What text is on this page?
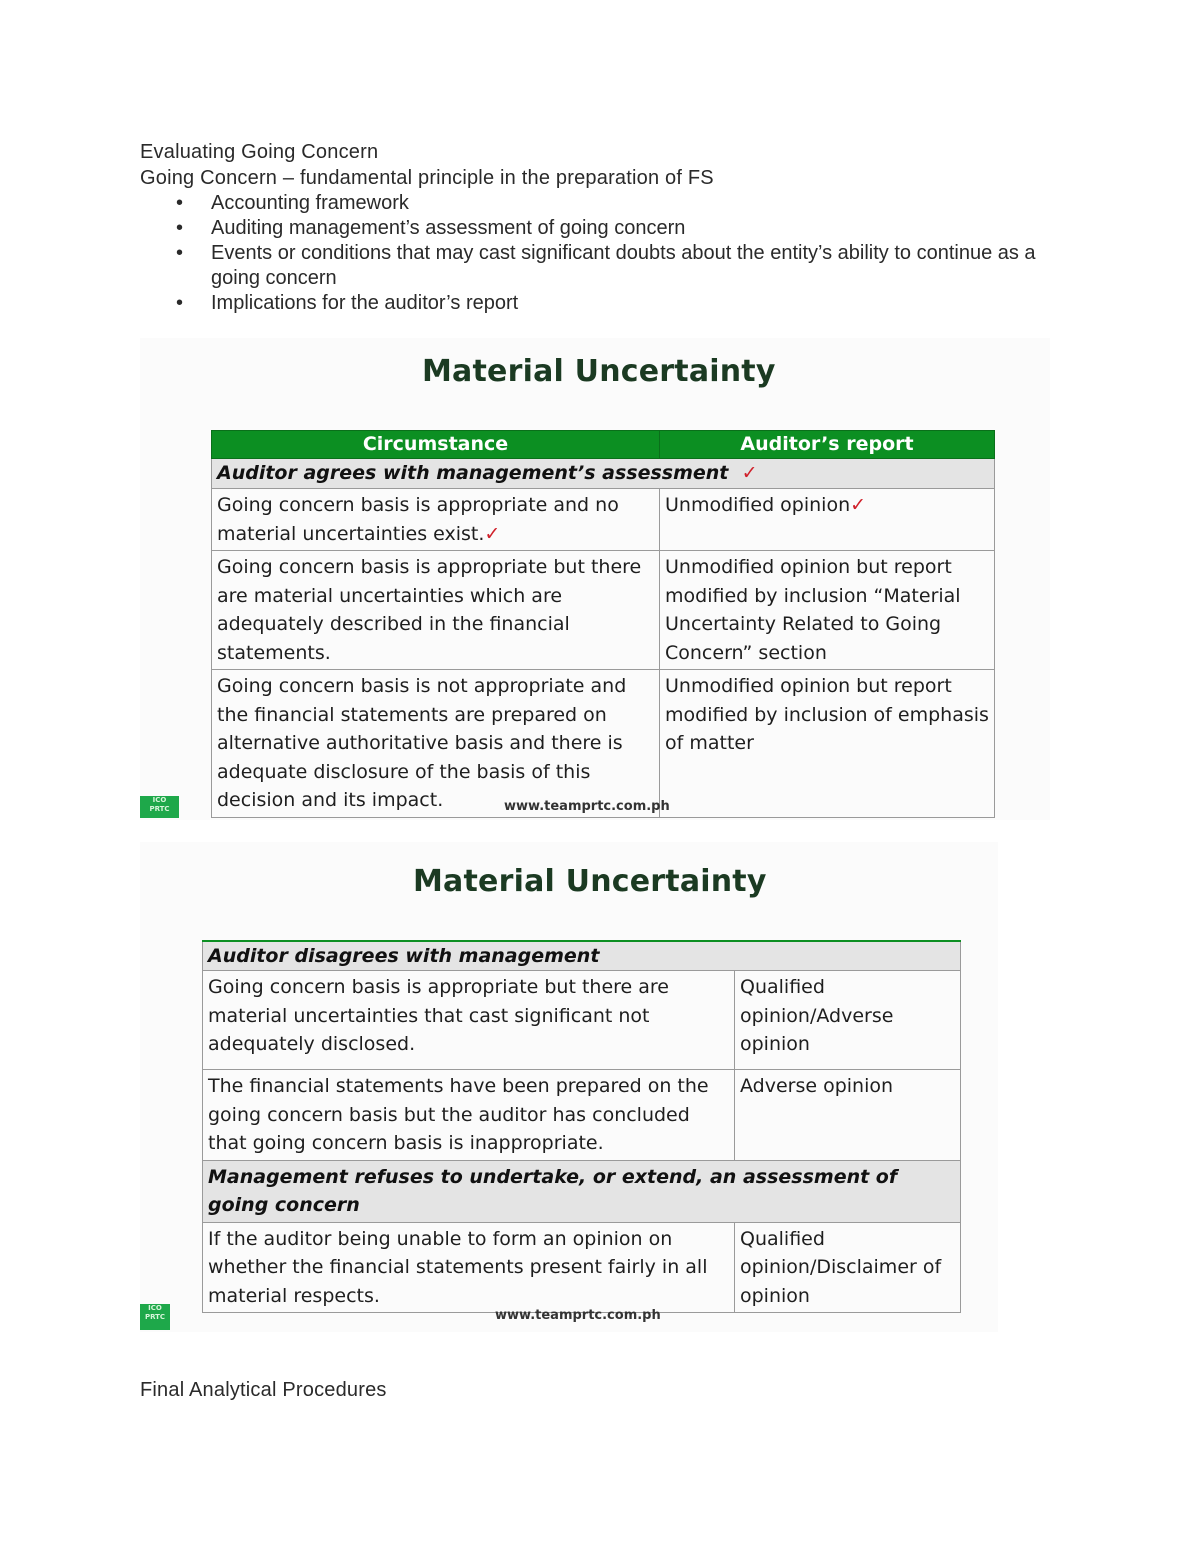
Evaluating Going Concern
Going Concern – fundamental principle in the preparation of FS
• Accounting framework
• Auditing management’s assessment of going concern
• Events or conditions that may cast significant doubts about the entity’s ability to continue as a going concern
• Implications for the auditor’s report
Material Uncertainty
Circumstance	Auditor’s report
Auditor agrees with management’s assessment ✓	
Going concern basis is appropriate and no material uncertainties exist.✓	Unmodified opinion✓
Going concern basis is appropriate but there are material uncertainties which are adequately described in the financial statements.	Unmodified opinion but report modified by inclusion “Material Uncertainty Related to Going Concern” section
Going concern basis is not appropriate and the financial statements are prepared on alternative authoritative basis and there is adequate disclosure of the basis of this decision and its impact.	Unmodified opinion but report modified by inclusion of emphasis of matter
ICO
PRTC	www.teamprtc.com.ph
Material Uncertainty
Auditor disagrees with management	
Going concern basis is appropriate but there are material uncertainties that cast significant not adequately disclosed.	Qualified opinion/Adverse opinion
The financial statements have been prepared on the going concern basis but the auditor has concluded that going concern basis is inappropriate.	Adverse opinion
Management refuses to undertake, or extend, an assessment of going concern	
If the auditor being unable to form an opinion on whether the financial statements present fairly in all material respects.	Qualified opinion/Disclaimer of opinion
ICO
PRTC	www.teamprtc.com.ph
Final Analytical Procedures
